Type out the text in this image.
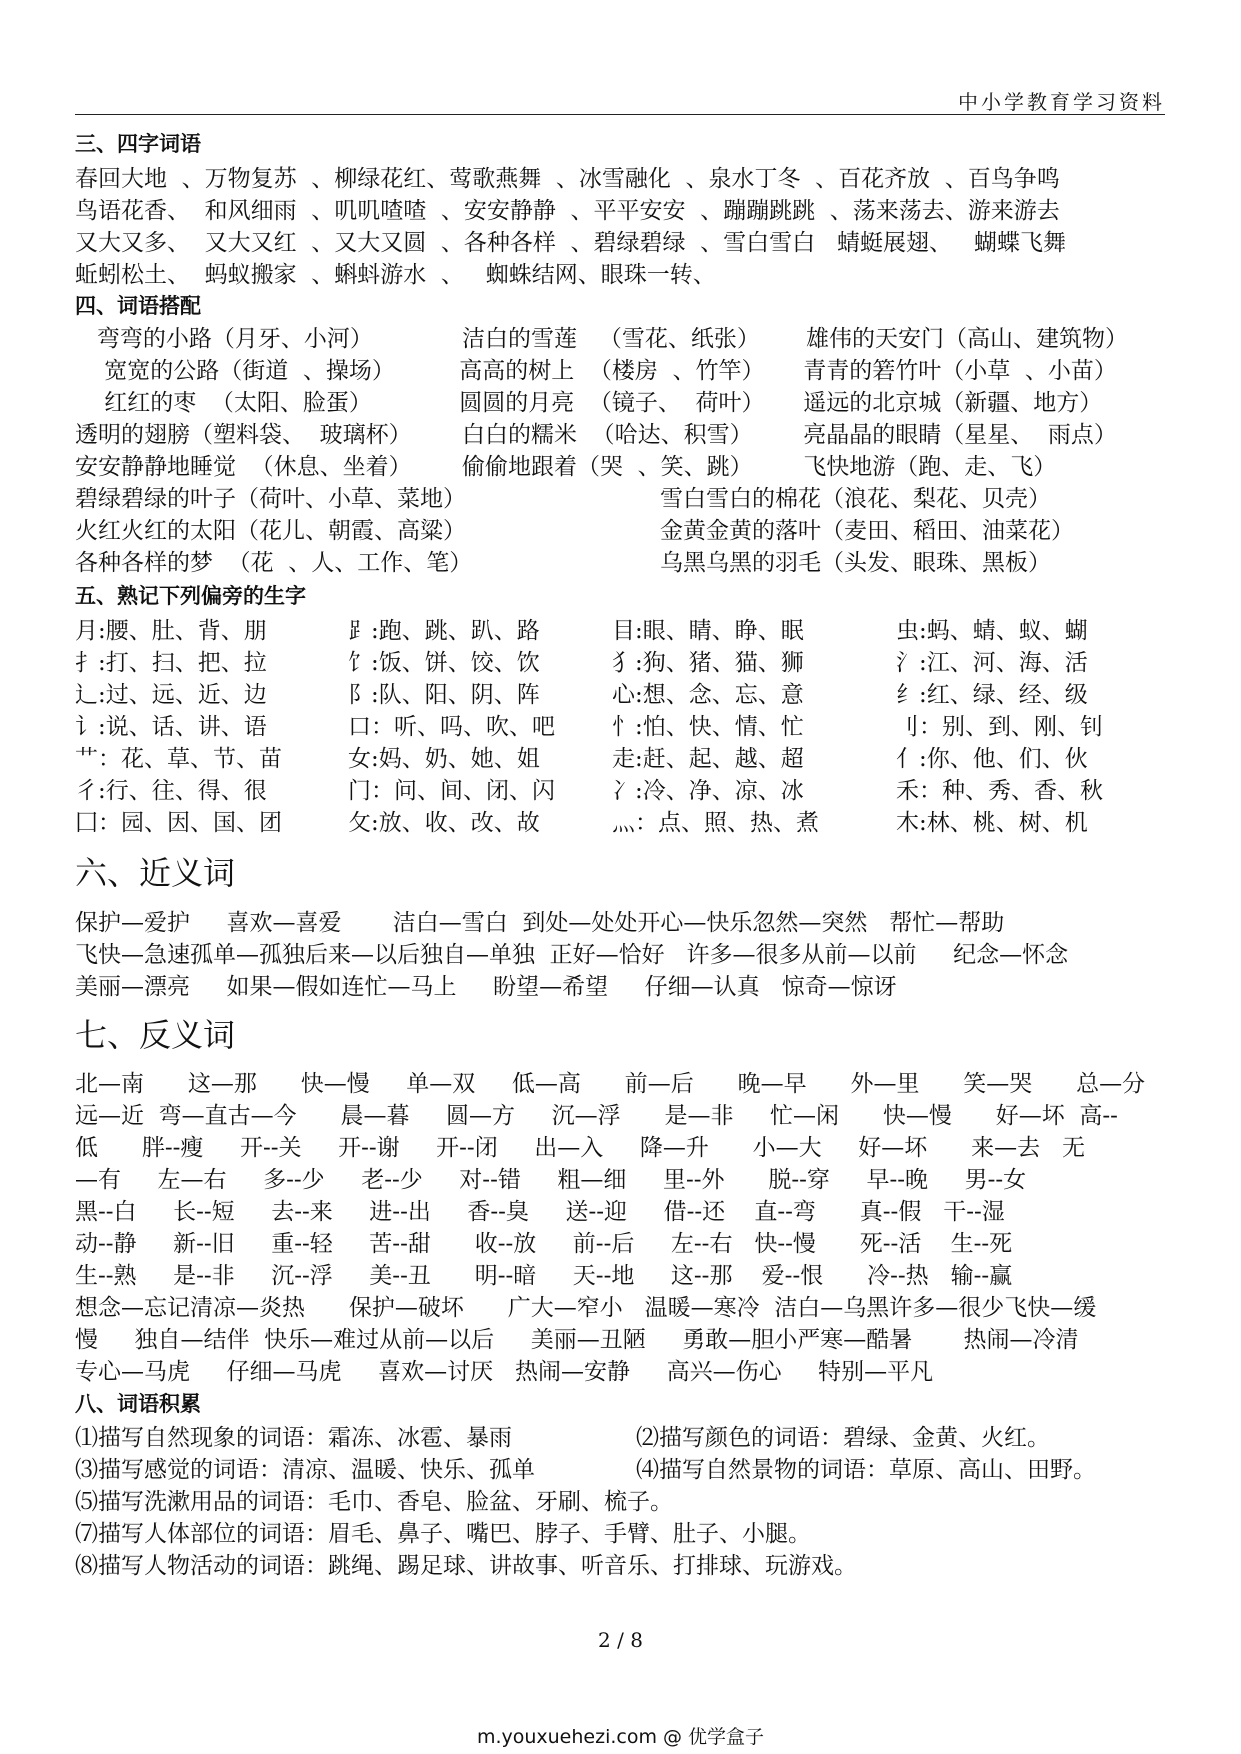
中小学教育学习资料
三、四字词语
春回大地  、万物复苏  、柳绿花红、莺歌燕舞  、冰雪融化  、泉水丁冬  、百花齐放  、百鸟争鸣
鸟语花香、  和风细雨  、叽叽喳喳  、安安静静  、平平安安  、蹦蹦跳跳  、荡来荡去、游来游去
又大又多、  又大又红  、又大又圆  、各种各样  、碧绿碧绿  、雪白雪白   蜻蜓展翅、   蝴蝶飞舞
蚯蚓松土、  蚂蚁搬家  、蝌蚪游水  、   蜘蛛结网、眼珠一转、
四、词语搭配
弯弯的小路（月牙、小河）	洁白的雪莲   （雪花、纸张） 雄伟的天安门（高山、建筑物）
宽宽的公路（街道  、操场） 高高的树上  （楼房  、竹竿） 青青的箬竹叶（小草  、小苗）
红红的枣  （太阳、脸蛋）	圆圆的月亮  （镜子、  荷叶） 遥远的北京城（新疆、地方）
透明的翅膀（塑料袋、  玻璃杯） 白白的糯米  （哈达、积雪） 亮晶晶的眼睛（星星、  雨点）
安安静静地睡觉  （休息、坐着） 偷偷地跟着（哭  、笑、跳） 飞快地游（跑、走、飞）
碧绿碧绿的叶子（荷叶、小草、菜地）	雪白雪白的棉花（浪花、梨花、贝壳）
火红火红的太阳（花儿、朝霞、高粱）	金黄金黄的落叶（麦田、稻田、油菜花）
各种各样的梦  （花  、人、工作、笔）	乌黑乌黑的羽毛（头发、眼珠、黑板）
五、熟记下列偏旁的生字
月:腰、肚、背、朋	⻊:跑、跳、趴、路	目:眼、睛、睁、眠	虫:蚂、蜻、蚁、蝴
扌:打、扫、把、拉	饣:饭、饼、饺、饮	犭:狗、猪、猫、狮	氵:江、河、海、活
辶:过、远、近、边	阝:队、阳、阴、阵	心:想、念、忘、意	纟:红、绿、经、级
讠:说、话、讲、语	口：听、吗、吹、吧 忄:怕、快、情、忙	刂：别、到、刚、钊
艹：花、草、节、苗	女:妈、奶、她、姐	走:赶、起、越、超	亻:你、他、们、伙
彳:行、往、得、很	门：问、间、闭、闪 冫:冷、净、凉、冰	禾：种、秀、香、秋
囗：园、因、国、团	攵:放、收、改、故	灬：点、照、热、煮	木:林、桃、树、机
六、近义词
保护—爱护     喜欢—喜爱       洁白—雪白  到处—处处开心—快乐忽然—突然   帮忙—帮助
飞快—急速孤单—孤独后来—以后独自—单独  正好—恰好   许多—很多从前—以前     纪念—怀念
美丽—漂亮     如果—假如连忙—马上     盼望—希望     仔细—认真   惊奇—惊讶
七、反义词
北—南      这—那      快—慢     单—双     低—高      前—后      晚—早      外—里      笑—哭      总—分
远—近  弯—直古—今      晨—暮     圆—方     沉—浮      是—非     忙—闲      快—慢      好—坏  高--
低      胖--瘦     开--关     开--谢     开--闭     出—入     降—升      小—大     好—坏      来—去   无
—有     左—右     多--少     老--少     对--错     粗—细     里--外      脱--穿     早--晚     男--女
黑--白     长--短     去--来     进--出     香--臭     送--迎     借--还    直--弯      真--假   干--湿
动--静     新--旧     重--轻     苦--甜      收--放     前--后     左--右   快--慢      死--活    生--死
生--熟     是--非     沉--浮     美--丑      明--暗     天--地     这--那    爱--恨      冷--热   输--赢
想念—忘记清凉—炎热      保护—破坏      广大—窄小   温暖—寒冷  洁白—乌黑许多—很少飞快—缓
慢     独自—结伴  快乐—难过从前—以后     美丽—丑陋     勇敢—胆小严寒—酷暑       热闹—冷清
专心—马虎     仔细—马虎     喜欢—讨厌   热闹—安静     高兴—伤心     特别—平凡
八、词语积累
⑴描写自然现象的词语：霜冻、冰雹、暴雨	⑵描写颜色的词语：碧绿、金黄、火红。
⑶描写感觉的词语：清凉、温暖、快乐、孤单	⑷描写自然景物的词语：草原、高山、田野。
⑸描写洗漱用品的词语：毛巾、香皂、脸盆、牙刷、梳子。
⑺描写人体部位的词语：眉毛、鼻子、嘴巴、脖子、手臂、肚子、小腿。
⑻描写人物活动的词语：跳绳、踢足球、讲故事、听音乐、打排球、玩游戏。
2 / 8
m.youxuehezi.com @ 优学盒子
